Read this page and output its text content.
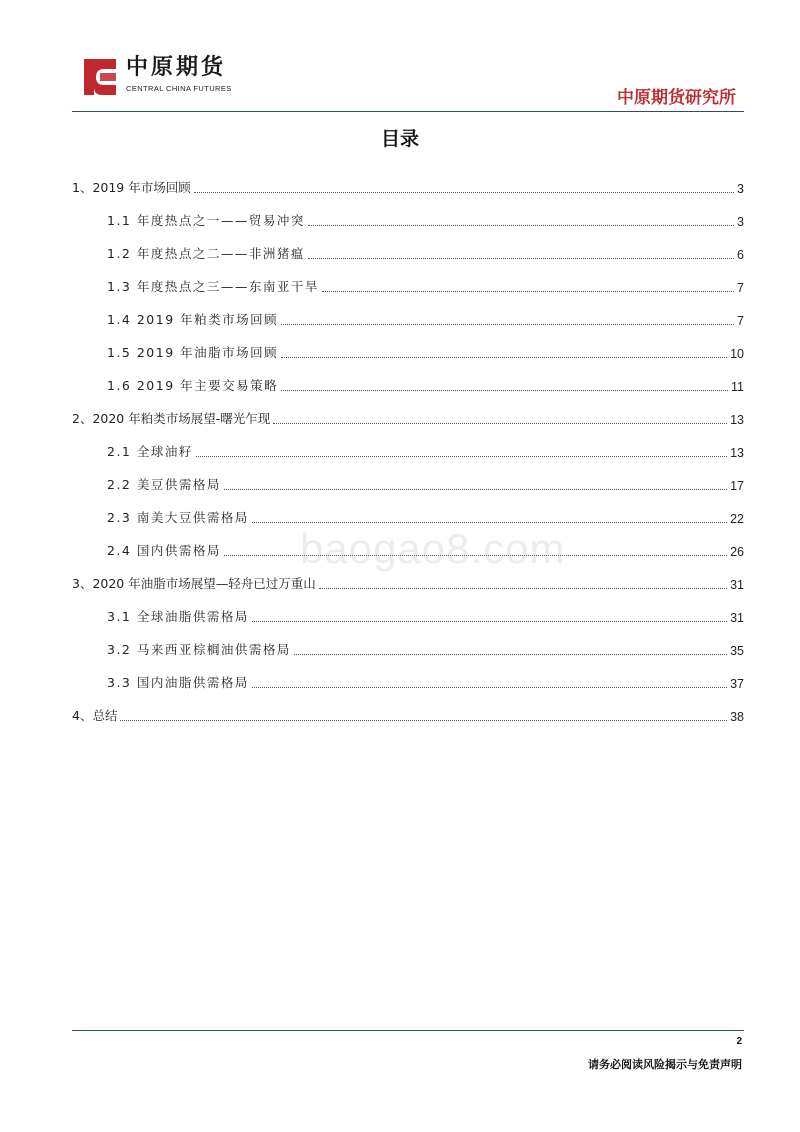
中原期货
CENTRAL CHINA FUTURES	中原期货研究所
目录
1、2019 年市场回顾	3
1.1 年度热点之一——贸易冲突	3
1.2 年度热点之二——非洲猪瘟	6
1.3 年度热点之三——东南亚干旱	7
1.4 2019 年粕类市场回顾	7
1.5 2019 年油脂市场回顾	10
1.6 2019 年主要交易策略	11
2、2020 年粕类市场展望-曙光乍现	13
2.1 全球油籽	13
2.2 美豆供需格局	17
2.3 南美大豆供需格局	22
2.4 国内供需格局	26
3、2020 年油脂市场展望—轻舟已过万重山	31
3.1 全球油脂供需格局	31
3.2 马来西亚棕榈油供需格局	35
3.3 国内油脂供需格局	37
4、总结	38
baogao8.com
2
请务必阅读风险揭示与免责声明
